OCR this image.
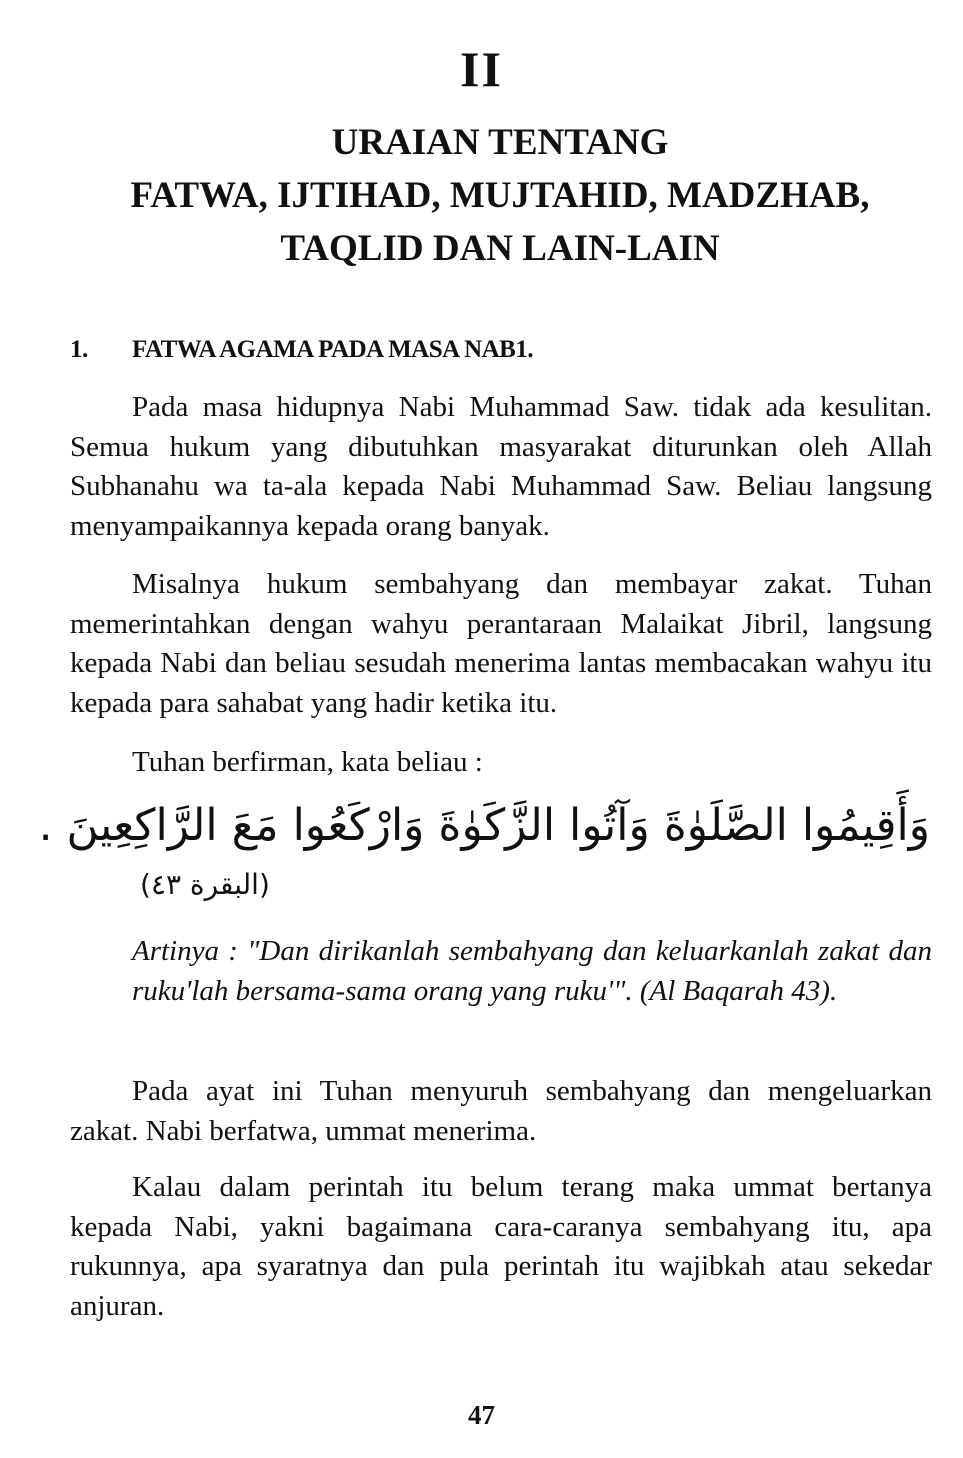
II
URAIAN TENTANG
FATWA, IJTIHAD, MUJTAHID, MADZHAB,
TAQLID DAN LAIN-LAIN
1. FATWA AGAMA PADA MASA NAB1.

Pada masa hidupnya Nabi Muhammad Saw. tidak ada kesulitan. Semua hukum yang dibutuhkan masyarakat diturunkan oleh Allah Subhanahu wa ta-ala kepada Nabi Muhammad Saw. Beliau langsung menyampaikannya kepada orang banyak.

Misalnya hukum sembahyang dan membayar zakat. Tuhan memerintahkan dengan wahyu perantaraan Malaikat Jibril, langsung kepada Nabi dan beliau sesudah menerima lantas membacakan wahyu itu kepada para sahabat yang hadir ketika itu.

Tuhan berfirman, kata beliau :

وَأَقِيمُوا الصَّلَوٰةَ وَآتُوا الزَّكَوٰةَ وَارْكَعُوا مَعَ الرَّاكِعِينَ .
(البقرة ٤٣)
Artinya : "Dan dirikanlah sembahyang dan keluarkanlah zakat dan ruku'lah bersama-sama orang yang ruku'". (Al Baqarah 43).

Pada ayat ini Tuhan menyuruh sembahyang dan mengeluarkan zakat. Nabi berfatwa, ummat menerima.

Kalau dalam perintah itu belum terang maka ummat bertanya kepada Nabi, yakni bagaimana cara-caranya sembahyang itu, apa rukunnya, apa syaratnya dan pula perintah itu wajibkah atau sekedar anjuran.

47
